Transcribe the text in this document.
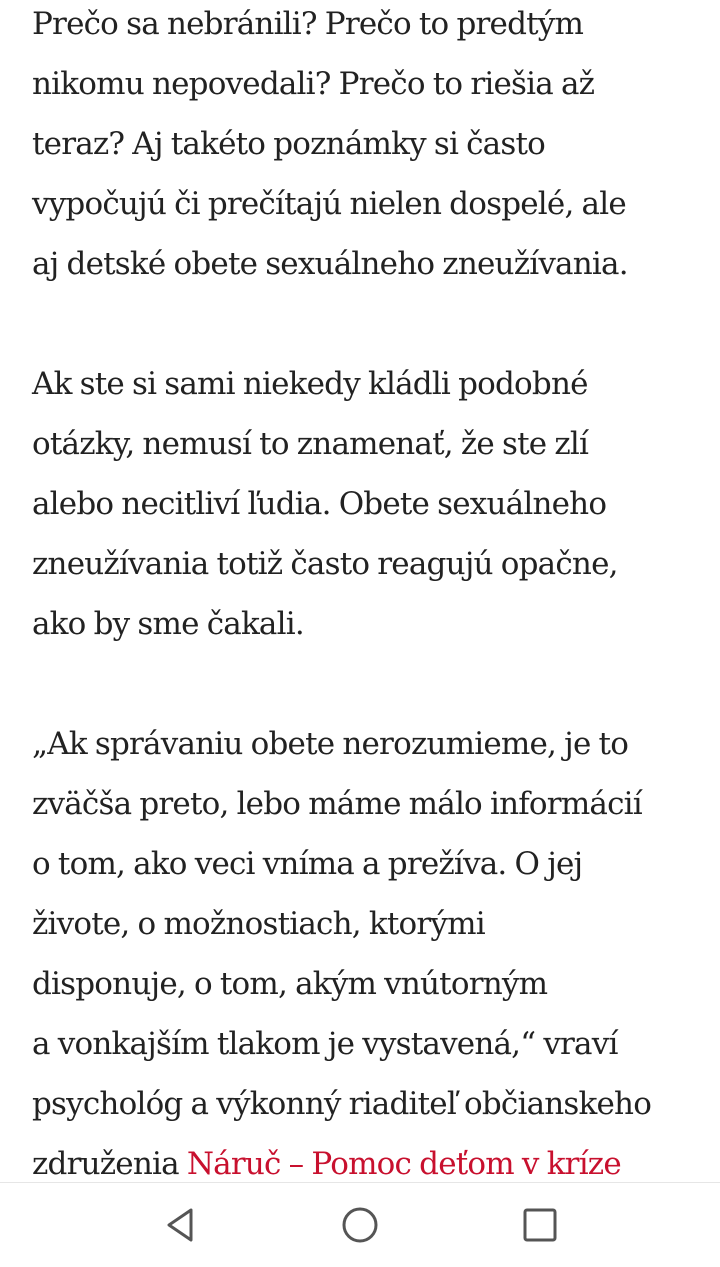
Prečo sa nebránili? Prečo to predtým
nikomu nepovedali? Prečo to riešia až
teraz? Aj takéto poznámky si často
vypočujú či prečítajú nielen dospelé, ale
aj detské obete sexuálneho zneužívania.

Ak ste si sami niekedy kládli podobné
otázky, nemusí to znamenať, že ste zlí
alebo necitliví ľudia. Obete sexuálneho
zneužívania totiž často reagujú opačne,
ako by sme čakali.

„Ak správaniu obete nerozumieme, je to
zväčša preto, lebo máme málo informácií
o tom, ako veci vníma a prežíva. O jej
živote, o možnostiach, ktorými
disponuje, o tom, akým vnútorným
a vonkajším tlakom je vystavená,“ vraví
psychológ a výkonný riaditeľ občianskeho
združenia Náruč – Pomoc deťom v kríze
